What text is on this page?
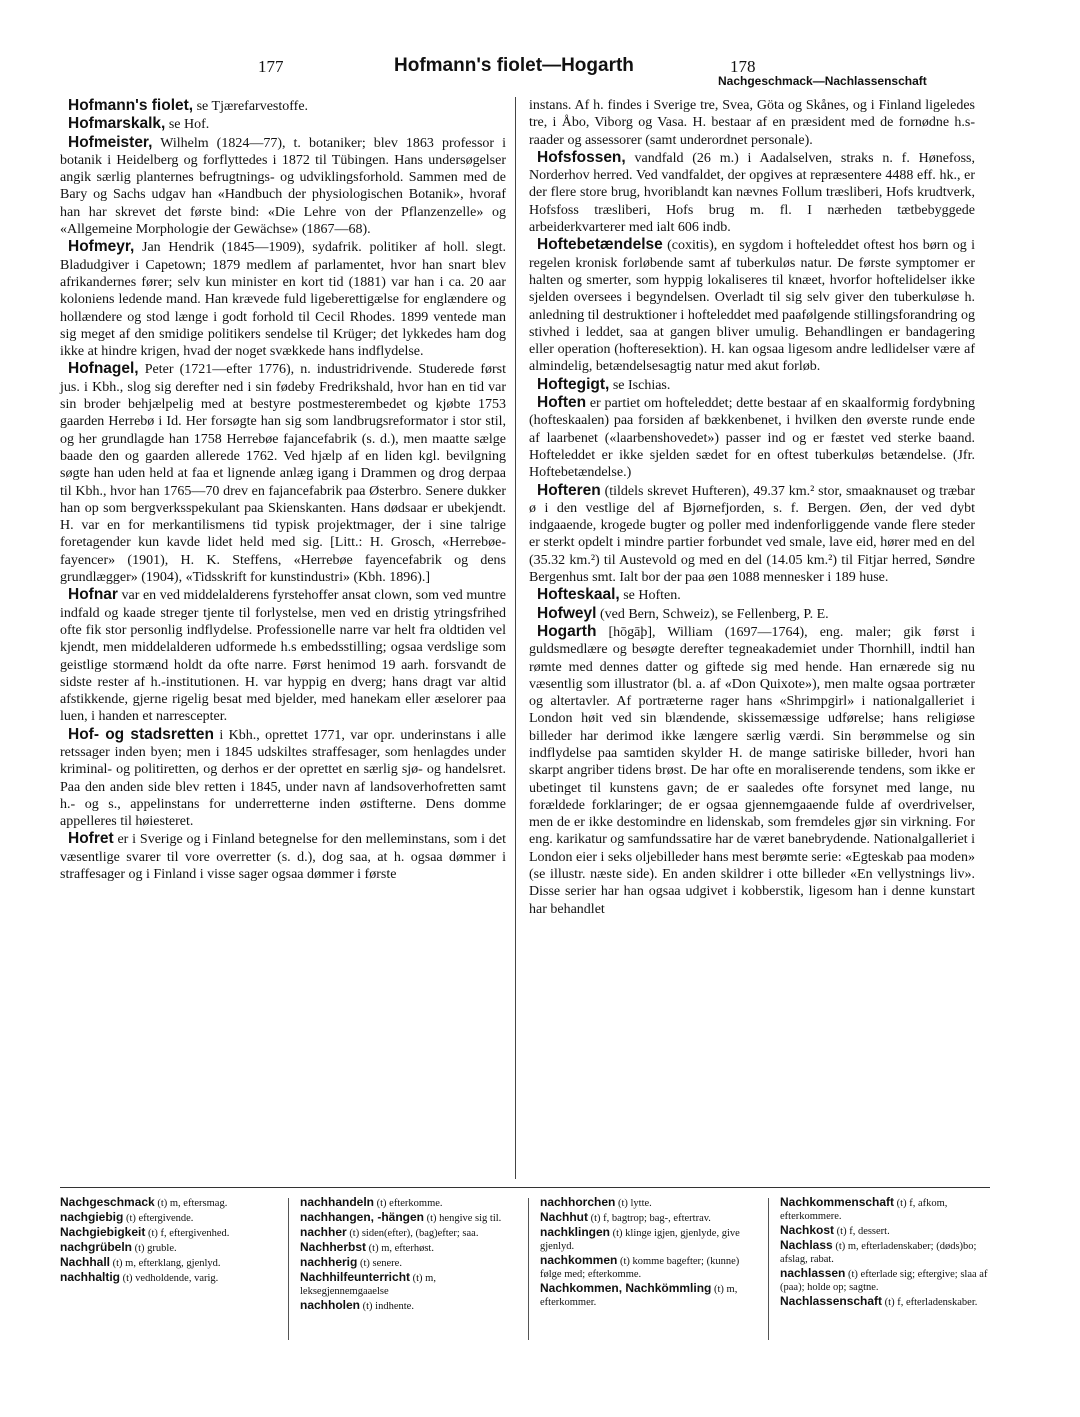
177	Hofmann's fiolet—Hogarth	178
Nachgeschmack—Nachlassenschaft

Hofmann's fiolet, se Tjærefarvestoffe.

Hofmarskalk, se Hof.

Hofmeister, Wilhelm (1824—77), t. botaniker; blev 1863 professor i botanik i Heidelberg og forflyttedes i 1872 til Tübingen. Hans undersøgelser angik særlig planternes befrugtnings- og udviklingsforhold. Sammen med de Bary og Sachs udgav han «Handbuch der physiologischen Botanik», hvoraf han har skrevet det første bind: «Die Lehre von der Pflanzenzelle» og «Allgemeine Morphologie der Gewächse» (1867—68).

Hofmeyr, Jan Hendrik (1845—1909), sydafrik. politiker af holl. slegt. Bladudgiver i Capetown; 1879 medlem af parlamentet, hvor han snart blev afrikandernes fører; selv kun minister en kort tid (1881) var han i ca. 20 aar koloniens ledende mand. Han krævede fuld ligeberettigælse for englændere og hollændere og stod længe i godt forhold til Cecil Rhodes. 1899 ventede man sig meget af den smidige politikers sendelse til Krüger; det lykkedes ham dog ikke at hindre krigen, hvad der noget svækkede hans indflydelse.

Hofnagel, Peter (1721—efter 1776), n. industridrivende. Studerede først jus. i Kbh., slog sig derefter ned i sin fødeby Fredrikshald, hvor han en tid var sin broder behjælpelig med at bestyre postmesterembedet og kjøbte 1753 gaarden Herrebø i Id. Her forsøgte han sig som landbrugsreformator i stor stil, og her grundlagde han 1758 Herrebøe fajancefabrik (s. d.), men maatte sælge baade den og gaarden allerede 1762. Ved hjælp af en liden kgl. bevilgning søgte han uden held at faa et lignende anlæg igang i Drammen og drog derpaa til Kbh., hvor han 1765—70 drev en fajancefabrik paa Østerbro. Senere dukker han op som bergverksspekulant paa Skienskanten. Hans dødsaar er ubekjendt. H. var en for merkantilismens tid typisk projektmager, der i sine talrige foretagender kun kavde lidet held med sig. [Litt.: H. Grosch, «Herrebøe-fayencer» (1901), H. K. Steffens, «Herrebøe fayencefabrik og dens grundlægger» (1904), «Tidsskrift for kunstindustri» (Kbh. 1896).]

Hofnar var en ved middelalderens fyrstehoffer ansat clown, som ved muntre indfald og kaade streger tjente til forlystelse, men ved en dristig ytringsfrihed ofte fik stor personlig indflydelse. Professionelle narre var helt fra oldtiden vel kjendt, men middelalderen udformede h.s embedsstilling; ogsaa verdslige som geistlige stormænd holdt da ofte narre. Først henimod 19 aarh. forsvandt de sidste rester af h.-institutionen. H. var hyppig en dverg; hans dragt var altid afstikkende, gjerne rigelig besat med bjelder, med hanekam eller æselorer paa luen, i handen et narrescepter.

Hof- og stadsretten i Kbh., oprettet 1771, var opr. underinstans i alle retssager inden byen; men i 1845 udskiltes straffesager, som henlagdes under kriminal- og politiretten, og derhos er der oprettet en særlig sjø- og handelsret. Paa den anden side blev retten i 1845, under navn af landsoverhofretten samt h.- og s., appelinstans for underretterne inden østifterne. Dens domme appelleres til høiesteret.

Hofret er i Sverige og i Finland betegnelse for den melleminstans, som i det væsentlige svarer til vore overretter (s. d.), dog saa, at h. ogsaa dømmer i straffesager og i Finland i visse sager ogsaa dømmer i første

instans. Af h. findes i Sverige tre, Svea, Göta og Skånes, og i Finland ligeledes tre, i Åbo, Viborg og Vasa. H. bestaar af en præsident med de fornødne h.s-raader og assessorer (samt underordnet personale).

Hofsfossen, vandfald (26 m.) i Aadalselven, straks n. f. Hønefoss, Norderhov herred. Ved vandfaldet, der opgives at repræsentere 4488 eff. hk., er der flere store brug, hvoriblandt kan nævnes Follum træsliberi, Hofs krudtverk, Hofsfoss træsliberi, Hofs brug m. fl. I nærheden tætbebyggede arbeiderkvarterer med ialt 606 indb.

Hoftebetændelse (coxitis), en sygdom i hofteleddet oftest hos børn og i regelen kronisk forløbende samt af tuberkuløs natur. De første symptomer er halten og smerter, som hyppig lokaliseres til knæet, hvorfor hoftelidelser ikke sjelden oversees i begyndelsen. Overladt til sig selv giver den tuberkuløse h. anledning til destruktioner i hofteleddet med paafølgende stillingsforandring og stivhed i leddet, saa at gangen bliver umulig. Behandlingen er bandagering eller operation (hofteresektion). H. kan ogsaa ligesom andre ledlidelser være af almindelig, betændelsesagtig natur med akut forløb.

Hoftegigt, se Ischias.

Hoften er partiet om hofteleddet; dette bestaar af en skaalformig fordybning (hofteskaalen) paa forsiden af bækkenbenet, i hvilken den øverste runde ende af laarbenet («laarbenshovedet») passer ind og er fæstet ved sterke baand. Hofteleddet er ikke sjelden sædet for en oftest tuberkuløs betændelse. (Jfr. Hoftebetændelse.)

Hofteren (tildels skrevet Hufteren), 49.37 km.² stor, smaaknauset og træbar ø i den vestlige del af Bjørnefjorden, s. f. Bergen. Øen, der ved dybt indgaaende, krogede bugter og poller med indenforliggende vande flere steder er sterkt opdelt i mindre partier forbundet ved smale, lave eid, hører med en del (35.32 km.²) til Austevold og med en del (14.05 km.²) til Fitjar herred, Søndre Bergenhus smt. Ialt bor der paa øen 1088 mennesker i 189 huse.

Hofteskaal, se Hoften.

Hofweyl (ved Bern, Schweiz), se Fellenberg, P. E.

Hogarth [hōgāþ], William (1697—1764), eng. maler; gik først i guldsmedlære og besøgte derefter tegneakademiet under Thornhill, indtil han rømte med dennes datter og giftede sig med hende. Han ernærede sig nu væsentlig som illustrator (bl. a. af «Don Quixote»), men malte ogsaa portræter og altertavler. Af portræterne rager hans «Shrimpgirl» i nationalgalleriet i London høit ved sin blændende, skissemæssige udførelse; hans religiøse billeder har derimod ikke længere særlig værdi. Sin berømmelse og sin indflydelse paa samtiden skylder H. de mange satiriske billeder, hvori han skarpt angriber tidens brøst. De har ofte en moraliserende tendens, som ikke er ubetinget til kunstens gavn; de er saaledes ofte forsynet med lange, nu forældede forklaringer; de er ogsaa gjennemgaaende fulde af overdrivelser, men de er ikke destomindre en lidenskab, som fremdeles gjør sin virkning. For eng. karikatur og samfundssatire har de været banebrydende. Nationalgalleriet i London eier i seks oljebilleder hans mest berømte serie: «Egteskab paa moden» (se illustr. næste side). En anden skildrer i otte billeder «En vellystnings liv». Disse serier har han ogsaa udgivet i kobberstik, ligesom han i denne kunstart har behandlet

Nachgeschmack (t) m, eftersmag.

nachgiebig (t) eftergivende.

Nachgiebigkeit (t) f, eftergivenhed.

nachgrübeln (t) gruble.

Nachhall (t) m, efterklang, gjenlyd.

nachhaltig (t) vedholdende, varig.

nachhandeln (t) efterkomme.

nachhangen, -hängen (t) hengive sig til.

nachher (t) siden(efter), (bag)efter; saa.

Nachherbst (t) m, efterhøst.

nachherig (t) senere.

Nachhilfeunterricht (t) m, leksegjennemgaaelse

nachholen (t) indhente.

nachhorchen (t) lytte.

Nachhut (t) f, bagtrop; bag-, eftertrav.

nachklingen (t) klinge igjen, gjenlyde, give gjenlyd.

nachkommen (t) komme bagefter; (kunne) følge med; efterkomme.

Nachkommen, Nachkömmling (t) m, efterkommer.

Nachkommenschaft (t) f, afkom, efterkommere.

Nachkost (t) f, dessert.

Nachlass (t) m, efterladenskaber; (døds)bo; afslag, rabat.

nachlassen (t) efterlade sig; eftergive; slaa af (paa); holde op; sagtne.

Nachlassenschaft (t) f, efterladenskaber.
